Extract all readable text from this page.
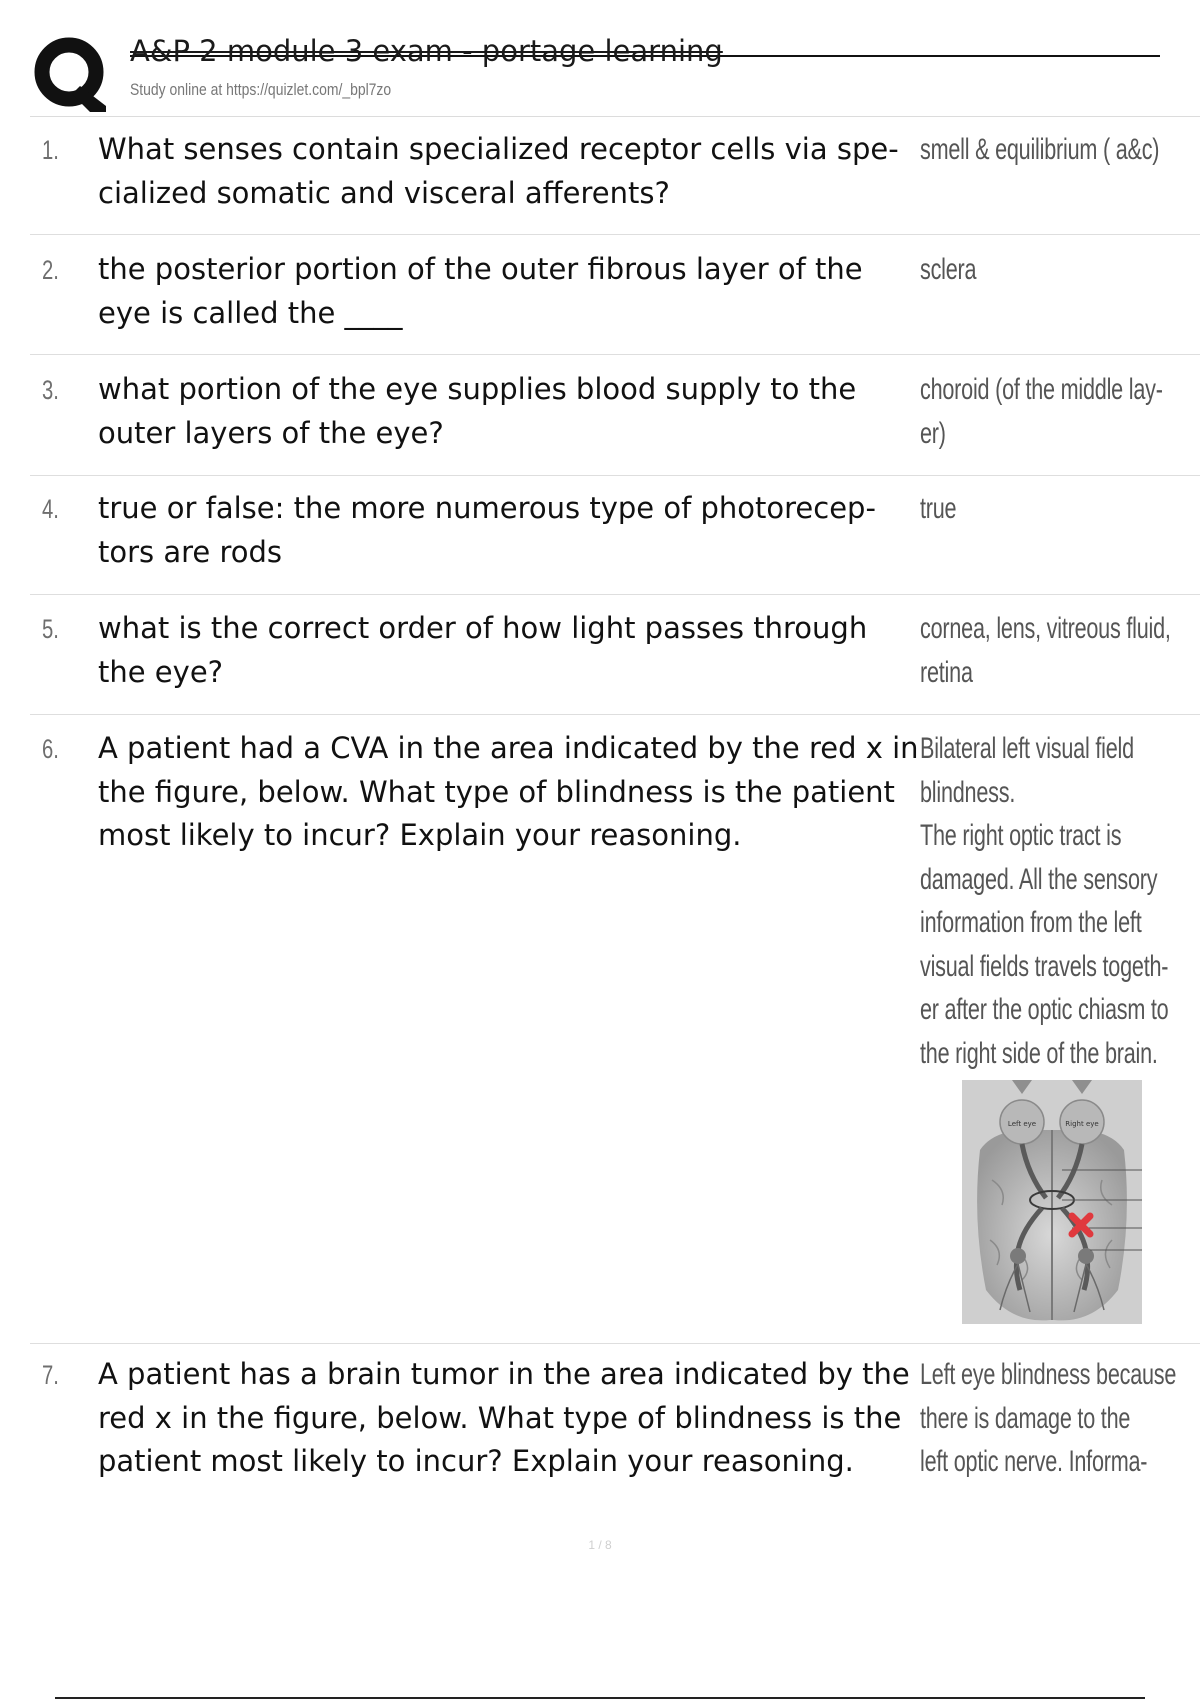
A&P 2 module 3 exam - portage learning
Study online at https://quizlet.com/_bpl7zo
1. What senses contain specialized receptor cells via spe-
cialized somatic and visceral afferents?
smell & equilibrium ( a&c)
2. the posterior portion of the outer fibrous layer of the
eye is called the ____
sclera
3. what portion of the eye supplies blood supply to the
outer layers of the eye?
choroid (of the middle lay-
er)
4. true or false: the more numerous type of photorecep-
tors are rods
true
5. what is the correct order of how light passes through
the eye?
cornea, lens, vitreous fluid,
retina
6. A patient had a CVA in the area indicated by the red x in
the figure, below. What type of blindness is the patient
most likely to incur? Explain your reasoning.
Bilateral left visual field
blindness.
The right optic tract is
damaged. All the sensory
information from the left
visual fields travels togeth-
er after the optic chiasm to
the right side of the brain.
Left eye	Right eye
7. A patient has a brain tumor in the area indicated by the
red x in the figure, below. What type of blindness is the
patient most likely to incur? Explain your reasoning.
Left eye blindness because
there is damage to the
left optic nerve. Informa-
1 / 8
